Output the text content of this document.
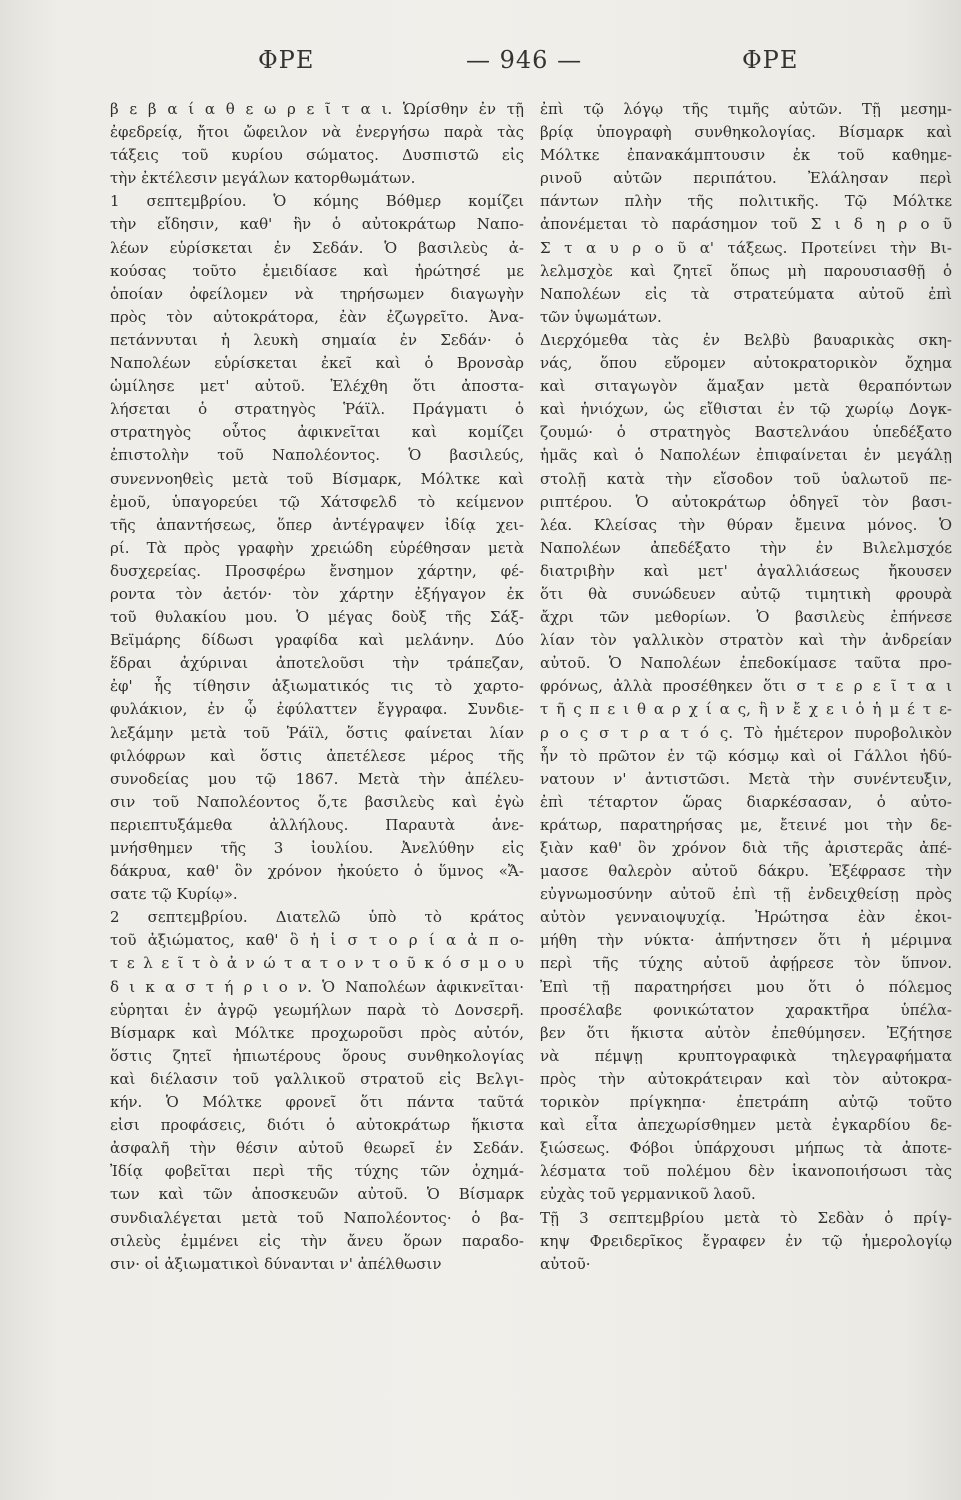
ΦΡΕ	— 946 —	ΦΡΕ
β ε β α ί α θ ε ω ρ ε ῖ τ α ι. Ὡρίσθην ἐν τῇ
ἐφεδρείᾳ, ἤτοι ὤφειλον νὰ ἐνεργήσω παρὰ τὰς
τάξεις τοῦ κυρίου σώματος. Δυσπιστῶ εἰς
τὴν ἐκτέλεσιν μεγάλων κατορθωμάτων.
1 σεπτεμβρίου. Ὁ κόμης Βόθμερ κομίζει
τὴν εἴδησιν, καθ' ἣν ὁ αὐτοκράτωρ Ναπο-
λέων εὑρίσκεται ἐν Σεδάν. Ὁ βασιλεὺς ἀ-
κούσας τοῦτο ἐμειδίασε καὶ ἠρώτησέ με
ὁποίαν ὀφείλομεν νὰ τηρήσωμεν διαγωγὴν
πρὸς τὸν αὐτοκράτορα, ἐὰν ἐζωγρεῖτο. Ἀνα-
πετάννυται ἡ λευκὴ σημαία ἐν Σεδάν· ὁ
Ναπολέων εὑρίσκεται ἐκεῖ καὶ ὁ Βρονσὰρ
ὡμίλησε μετ' αὐτοῦ. Ἐλέχθη ὅτι ἀποστα-
λήσεται ὁ στρατηγὸς Ῥάϊλ. Πράγματι ὁ
στρατηγὸς οὗτος ἀφικνεῖται καὶ κομίζει
ἐπιστολὴν τοῦ Ναπολέοντος. Ὁ βασιλεύς,
συνεννοηθεὶς μετὰ τοῦ Βίσμαρκ, Μόλτκε καὶ
ἐμοῦ, ὑπαγορεύει τῷ Χάτσφελδ τὸ κείμενον
τῆς ἀπαντήσεως, ὅπερ ἀντέγραψεν ἰδίᾳ χει-
ρί. Τὰ πρὸς γραφὴν χρειώδη εὑρέθησαν μετὰ
δυσχερείας. Προσφέρω ἔνσημον χάρτην, φέ-
ροντα τὸν ἀετόν· τὸν χάρτην ἐξήγαγον ἐκ
τοῦ θυλακίου μου. Ὁ μέγας δοὺξ τῆς Σάξ-
Βεϊμάρης δίδωσι γραφίδα καὶ μελάνην. Δύο
ἕδραι ἀχύριναι ἀποτελοῦσι τὴν τράπεζαν,
ἐφ' ἧς τίθησιν ἀξιωματικός τις τὸ χαρτο-
φυλάκιον, ἐν ᾧ ἐφύλαττεν ἔγγραφα. Συνδιε-
λεξάμην μετὰ τοῦ Ῥάϊλ, ὅστις φαίνεται λίαν
φιλόφρων καὶ ὅστις ἀπετέλεσε μέρος τῆς
συνοδείας μου τῷ 1867. Μετὰ τὴν ἀπέλευ-
σιν τοῦ Ναπολέοντος ὅ,τε βασιλεὺς καὶ ἐγὼ
περιεπτυξάμεθα ἀλλήλους. Παραυτὰ ἀνε-
μνήσθημεν τῆς 3 ἰουλίου. Ἀνελύθην εἰς
δάκρυα, καθ' ὃν χρόνον ἠκούετο ὁ ὕμνος «Ἄ-
σατε τῷ Κυρίῳ».
2 σεπτεμβρίου. Διατελῶ ὑπὸ τὸ κράτος
τοῦ ἀξιώματος, καθ' ὃ ἡ ἱ σ τ ο ρ ί α ἀ π ο-
τ ε λ ε ῖ τ ὸ ἀ ν ώ τ α τ ο ν τ ο ῦ κ ό σ μ ο υ
δ ι κ α σ τ ή ρ ι ο ν. Ὁ Ναπολέων ἀφικνεῖται·
εὑρηται ἐν ἀγρῷ γεωμήλων παρὰ τὸ Δονσερῆ.
Βίσμαρκ καὶ Μόλτκε προχωροῦσι πρὸς αὐτόν,
ὅστις ζητεῖ ἠπιωτέρους ὅρους συνθηκολογίας
καὶ διέλασιν τοῦ γαλλικοῦ στρατοῦ εἰς Βελγι-
κήν. Ὁ Μόλτκε φρονεῖ ὅτι πάντα ταῦτά
εἰσι προφάσεις, διότι ὁ αὐτοκράτωρ ἥκιστα
ἀσφαλῆ τὴν θέσιν αὐτοῦ θεωρεῖ ἐν Σεδάν.
Ἰδίᾳ φοβεῖται περὶ τῆς τύχης τῶν ὀχημά-
των καὶ τῶν ἀποσκευῶν αὐτοῦ. Ὁ Βίσμαρκ
συνδιαλέγεται μετὰ τοῦ Ναπολέοντος· ὁ βα-
σιλεὺς ἐμμένει εἰς τὴν ἄνευ ὅρων παραδο-
σιν· οἱ ἀξιωματικοὶ δύνανται ν' ἀπέλθωσιν
ἐπὶ τῷ λόγῳ τῆς τιμῆς αὐτῶν. Τῇ μεσημ-
βρίᾳ ὑπογραφὴ συνθηκολογίας. Βίσμαρκ καὶ
Μόλτκε ἐπανακάμπτουσιν ἐκ τοῦ καθημε-
ρινοῦ αὐτῶν περιπάτου. Ἐλάλησαν περὶ
πάντων πλὴν τῆς πολιτικῆς. Τῷ Μόλτκε
ἀπονέμεται τὸ παράσημον τοῦ Σ ι δ η ρ ο ῦ
Σ τ α υ ρ ο ῦ α' τάξεως. Προτείνει τὴν Βι-
λελμσχὸε καὶ ζητεῖ ὅπως μὴ παρουσιασθῇ ὁ
Ναπολέων εἰς τὰ στρατεύματα αὐτοῦ ἐπὶ
τῶν ὑψωμάτων.
Διερχόμεθα τὰς ἐν Βελβὺ βαυαρικὰς σκη-
νάς, ὅπου εὕρομεν αὐτοκρατορικὸν ὄχημα
καὶ σιταγωγὸν ἅμαξαν μετὰ θεραπόντων
καὶ ἡνιόχων, ὡς εἴθισται ἐν τῷ χωρίῳ Δογκ-
ζουμώ· ὁ στρατηγὸς Βαστελνάου ὑπεδέξατο
ἡμᾶς καὶ ὁ Ναπολέων ἐπιφαίνεται ἐν μεγάλῃ
στολῇ κατὰ τὴν εἴσοδον τοῦ ὑαλωτοῦ πε-
ριπτέρου. Ὁ αὐτοκράτωρ ὁδηγεῖ τὸν βασι-
λέα. Κλείσας τὴν θύραν ἔμεινα μόνος. Ὁ
Ναπολέων ἀπεδέξατο τὴν ἐν Βιλελμσχόε
διατριβὴν καὶ μετ' ἀγαλλιάσεως ἤκουσεν
ὅτι θὰ συνώδευεν αὐτῷ τιμητικὴ φρουρὰ
ἄχρι τῶν μεθορίων. Ὁ βασιλεὺς ἐπήνεσε
λίαν τὸν γαλλικὸν στρατὸν καὶ τὴν ἀνδρείαν
αὐτοῦ. Ὁ Ναπολέων ἐπεδοκίμασε ταῦτα προ-
φρόνως, ἀλλὰ προσέθηκεν ὅτι σ τ ε ρ ε ῖ τ α ι
τ ῆ ς π ε ι θ α ρ χ ί α ς, ἣ ν ἔ χ ε ι ὁ ἡ μ έ τ ε-
ρ ο ς σ τ ρ α τ ό ς. Τὸ ἡμέτερον πυροβολικὸν
ἦν τὸ πρῶτον ἐν τῷ κόσμῳ καὶ οἱ Γάλλοι ἠδύ-
νατουν ν' ἀντιστῶσι. Μετὰ τὴν συνέντευξιν,
ἐπὶ τέταρτον ὥρας διαρκέσασαν, ὁ αὐτο-
κράτωρ, παρατηρήσας με, ἔτεινέ μοι τὴν δε-
ξιὰν καθ' ὃν χρόνον διὰ τῆς ἀριστερᾶς ἀπέ-
μασσε θαλερὸν αὐτοῦ δάκρυ. Ἐξέφρασε τὴν
εὐγνωμοσύνην αὐτοῦ ἐπὶ τῇ ἐνδειχθείσῃ πρὸς
αὐτὸν γενναιοψυχίᾳ. Ἠρώτησα ἐὰν ἐκοι-
μήθη τὴν νύκτα· ἀπήντησεν ὅτι ἡ μέριμνα
περὶ τῆς τύχης αὐτοῦ ἀφῄρεσε τὸν ὕπνον.
Ἐπὶ τῇ παρατηρήσει μου ὅτι ὁ πόλεμος
προσέλαβε φονικώτατον χαρακτῆρα ὑπέλα-
βεν ὅτι ἥκιστα αὐτὸν ἐπεθύμησεν. Ἐζήτησε
νὰ πέμψῃ κρυπτογραφικὰ τηλεγραφήματα
πρὸς τὴν αὐτοκράτειραν καὶ τὸν αὐτοκρα-
τορικὸν πρίγκηπα· ἐπετράπη αὐτῷ τοῦτο
καὶ εἶτα ἀπεχωρίσθημεν μετὰ ἐγκαρδίου δε-
ξιώσεως. Φόβοι ὑπάρχουσι μήπως τὰ ἀποτε-
λέσματα τοῦ πολέμου δὲν ἱκανοποιήσωσι τὰς
εὐχὰς τοῦ γερμανικοῦ λαοῦ.
Τῇ 3 σεπτεμβρίου μετὰ τὸ Σεδὰν ὁ πρίγ-
κηψ Φρειδερῖκος ἔγραφεν ἐν τῷ ἡμερολογίῳ
αὐτοῦ·
